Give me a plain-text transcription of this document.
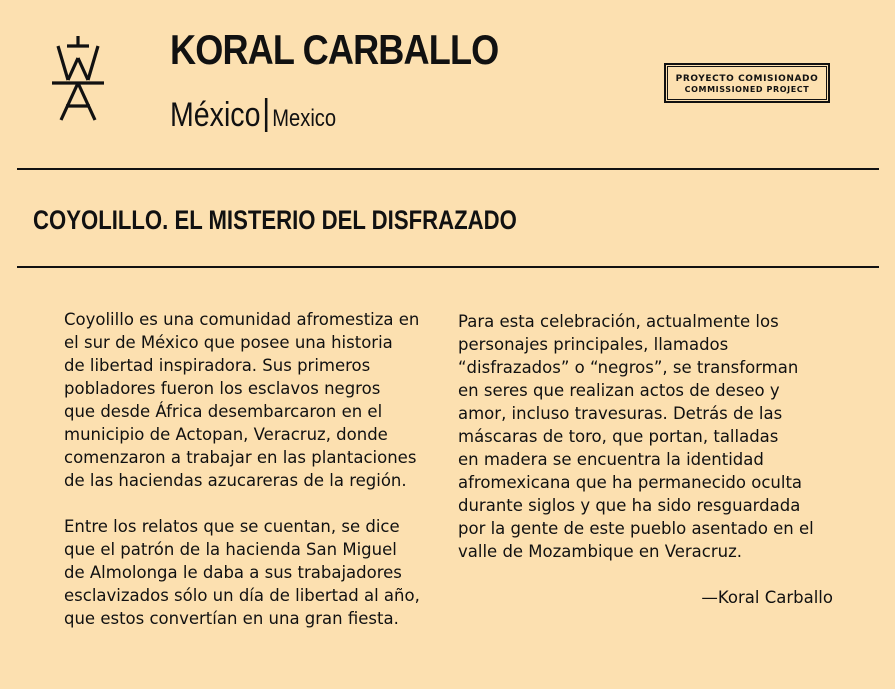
KORAL CARBALLO
México Mexico
PROYECTO COMISIONADO
COMMISSIONED PROJECT
COYOLILLO. EL MISTERIO DEL DISFRAZADO

Coyolillo es una comunidad afromestiza en
el sur de México que posee una historia
de libertad inspiradora. Sus primeros
pobladores fueron los esclavos negros
que desde África desembarcaron en el
municipio de Actopan, Veracruz, donde
comenzaron a trabajar en las plantaciones
de las haciendas azucareras de la región.

Entre los relatos que se cuentan, se dice
que el patrón de la hacienda San Miguel
de Almolonga le daba a sus trabajadores
esclavizados sólo un día de libertad al año,
que estos convertían en una gran fiesta.

Para esta celebración, actualmente los
personajes principales, llamados
“disfrazados” o “negros”, se transforman
en seres que realizan actos de deseo y
amor, incluso travesuras. Detrás de las
máscaras de toro, que portan, talladas
en madera se encuentra la identidad
afromexicana que ha permanecido oculta
durante siglos y que ha sido resguardada
por la gente de este pueblo asentado en el
valle de Mozambique en Veracruz.

—Koral Carballo
